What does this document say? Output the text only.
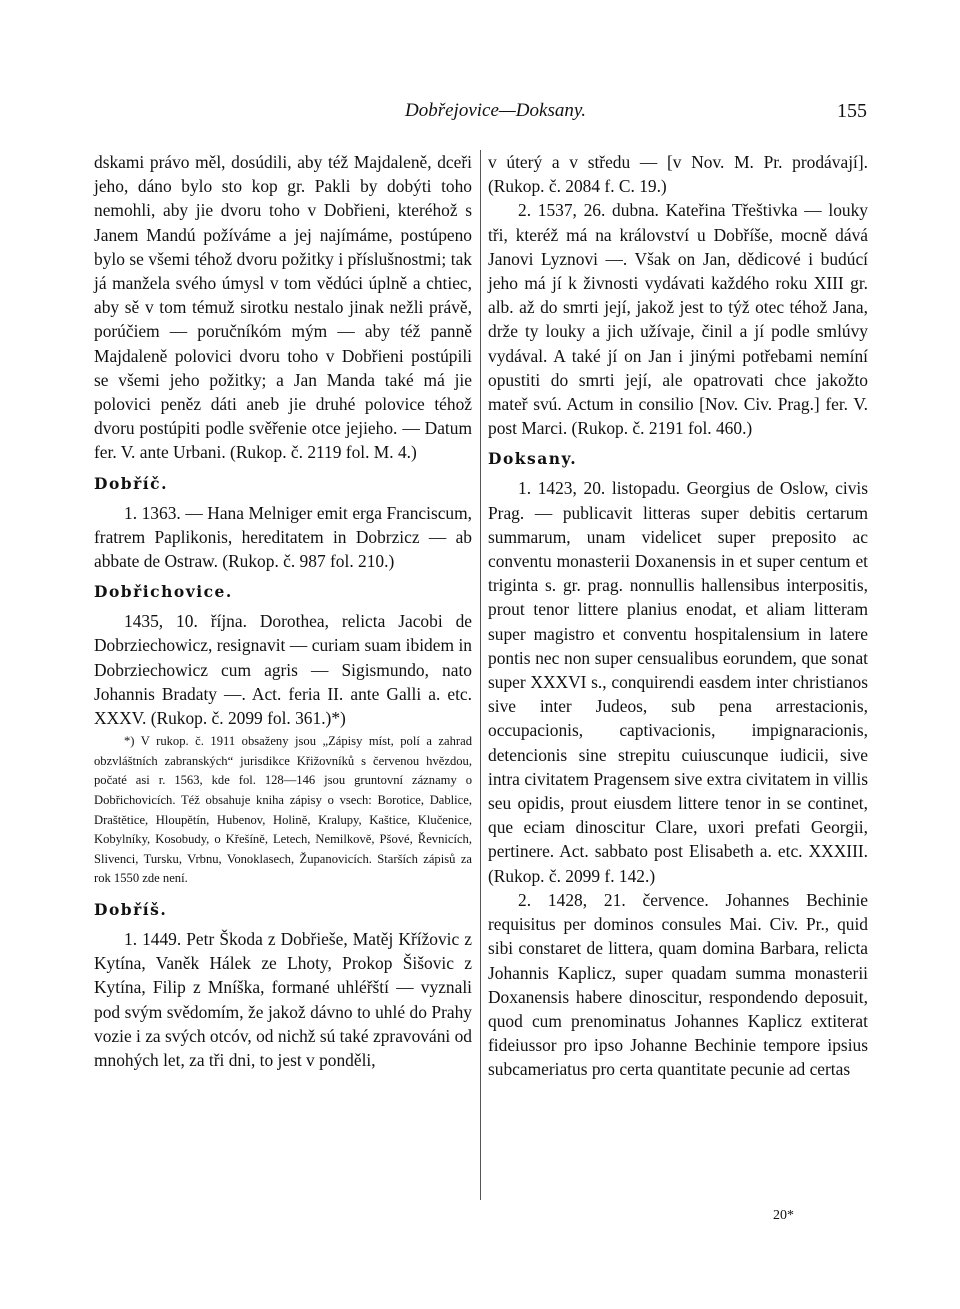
Dobřejovice—Doksany.	155

dskami právo měl, dosúdili, aby též Majdaleně, dceři jeho, dáno bylo sto kop gr. Pakli by dobýti toho nemohli, aby jie dvoru toho v Dobřieni, kteréhož s Janem Mandú požíváme a jej najímáme, postúpeno bylo se všemi téhož dvoru požitky i příslušnostmi; tak já manžela svého úmysl v tom vědúci úplně a chtiec, aby sě v tom témuž sirotku nestalo jinak nežli právě, porúčiem — poručníkóm mým — aby též panně Majdaleně polovici dvoru toho v Dobřieni postúpili se všemi jeho požitky; a Jan Manda také má jie polovici peněz dáti aneb jie druhé polovice téhož dvoru postúpiti podle svěřenie otce jejieho. — Datum fer. V. ante Urbani. (Rukop. č. 2119 fol. M. 4.)

Dobříč.

1. 1363. — Hana Melniger emit erga Franciscum, fratrem Paplikonis, hereditatem in Dobrzicz — ab abbate de Ostraw. (Rukop. č. 987 fol. 210.)

Dobřichovice.

1435, 10. října. Dorothea, relicta Jacobi de Dobrziechowicz, resignavit — curiam suam ibidem in Dobrziechowicz cum agris — Sigismundo, nato Johannis Bradaty —. Act. feria II. ante Galli a. etc. XXXV. (Rukop. č. 2099 fol. 361.)*)

*) V rukop. č. 1911 obsaženy jsou „Zápisy míst, polí a zahrad obzvláštních zabranských“ jurisdikce Křižovníků s červenou hvězdou, počaté asi r. 1563, kde fol. 128—146 jsou gruntovní záznamy o Dobřichovicích. Též obsahuje kniha zápisy o vsech: Borotice, Dablice, Draštětice, Hloupětín, Hubenov, Holině, Kralupy, Kaštice, Klučenice, Kobylníky, Kosobudy, o Křešíně, Letech, Nemilkově, Pšové, Řevnicích, Slivenci, Tursku, Vrbnu, Vonoklasech, Županovicích. Starších zápisů za rok 1550 zde není.

Dobříš.

1. 1449. Petr Škoda z Dobřieše, Matěj Křížovic z Kytína, Vaněk Hálek ze Lhoty, Prokop Šišovic z Kytína, Filip z Mníška, formané uhléřští — vyznali pod svým svědomím, že jakož dávno to uhlé do Prahy vozie i za svých otcóv, od nichž sú také zpravováni od mnohých let, za tři dni, to jest v ponděli,

v úterý a v středu — [v Nov. M. Pr. prodávají]. (Rukop. č. 2084 f. C. 19.)

2. 1537, 26. dubna. Kateřina Třeštivka — louky tři, kteréž má na království u Dobříše, mocně dává Janovi Lyznovi —. Však on Jan, dědicové i budúcí jeho má jí k živnosti vydávati každého roku XIII gr. alb. až do smrti její, jakož jest to týž otec téhož Jana, drže ty louky a jich užívaje, činil a jí podle smlúvy vydával. A také jí on Jan i jinými potřebami nemíní opustiti do smrti její, ale opatrovati chce jakožto mateř svú. Actum in consilio [Nov. Civ. Prag.] fer. V. post Marci. (Rukop. č. 2191 fol. 460.)

Doksany.

1. 1423, 20. listopadu. Georgius de Oslow, civis Prag. — publicavit litteras super debitis certarum summarum, unam videlicet super preposito ac conventu monasterii Doxanensis in et super centum et triginta s. gr. prag. nonnullis hallensibus interpositis, prout tenor littere planius enodat, et aliam litteram super magistro et conventu hospitalensium in latere pontis nec non super censualibus eorundem, que sonat super XXXVI s., conquirendi easdem inter christianos sive inter Judeos, sub pena arrestacionis, occupacionis, captivacionis, impignaracionis, detencionis sine strepitu cuiuscunque iudicii, sive intra civitatem Pragensem sive extra civitatem in villis seu opidis, prout eiusdem littere tenor in se continet, que eciam dinoscitur Clare, uxori prefati Georgii, pertinere. Act. sabbato post Elisabeth a. etc. XXXIII. (Rukop. č. 2099 f. 142.)

2. 1428, 21. července. Johannes Bechinie requisitus per dominos consules Mai. Civ. Pr., quid sibi constaret de littera, quam domina Barbara, relicta Johannis Kaplicz, super quadam summa monasterii Doxanensis habere dinoscitur, respondendo deposuit, quod cum prenominatus Johannes Kaplicz extiterat fideiussor pro ipso Johanne Bechinie tempore ipsius subcameriatus pro certa quantitate pecunie ad certas

20*
